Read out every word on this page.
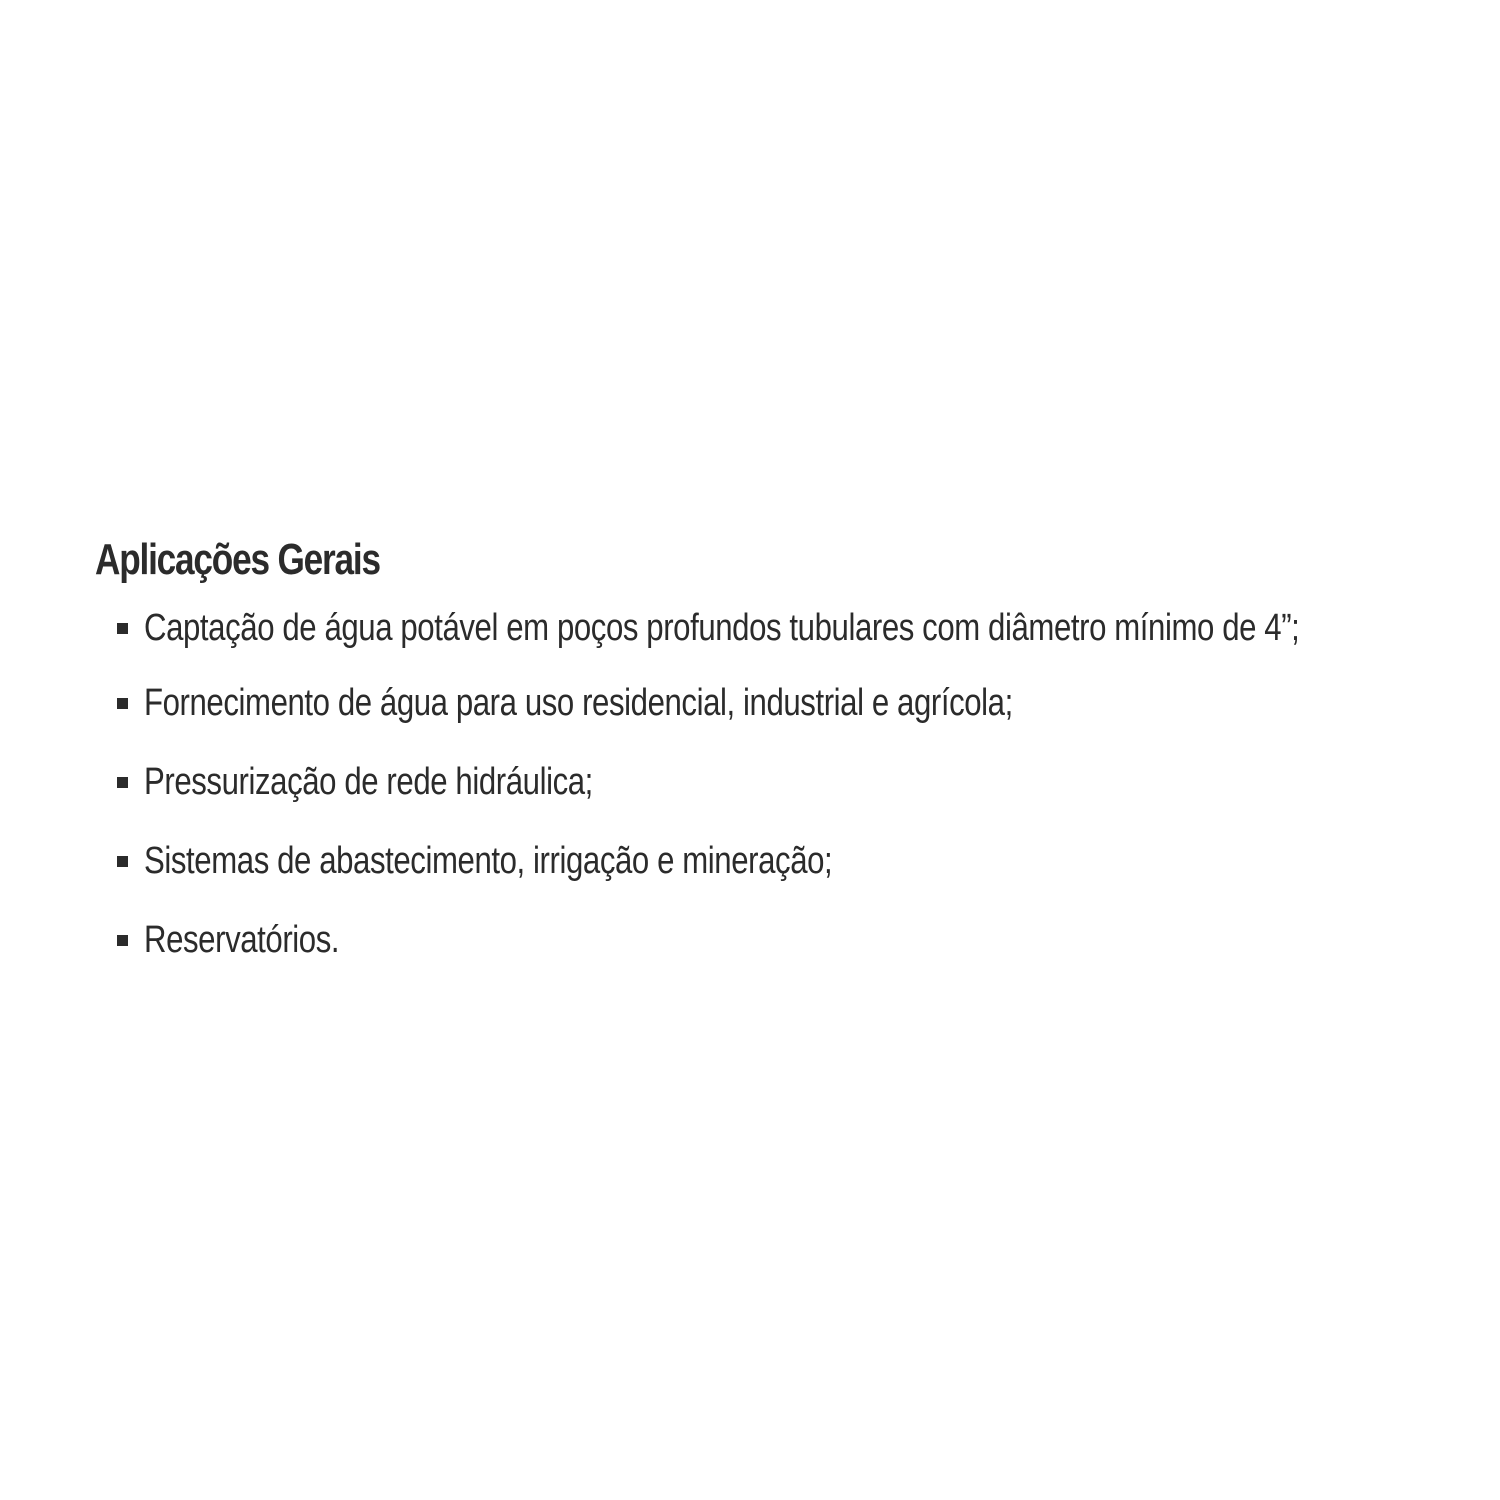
Aplicações Gerais
Captação de água potável em poços profundos tubulares com diâmetro mínimo de 4”;
Fornecimento de água para uso residencial, industrial e agrícola;
Pressurização de rede hidráulica;
Sistemas de abastecimento, irrigação e mineração;
Reservatórios.
